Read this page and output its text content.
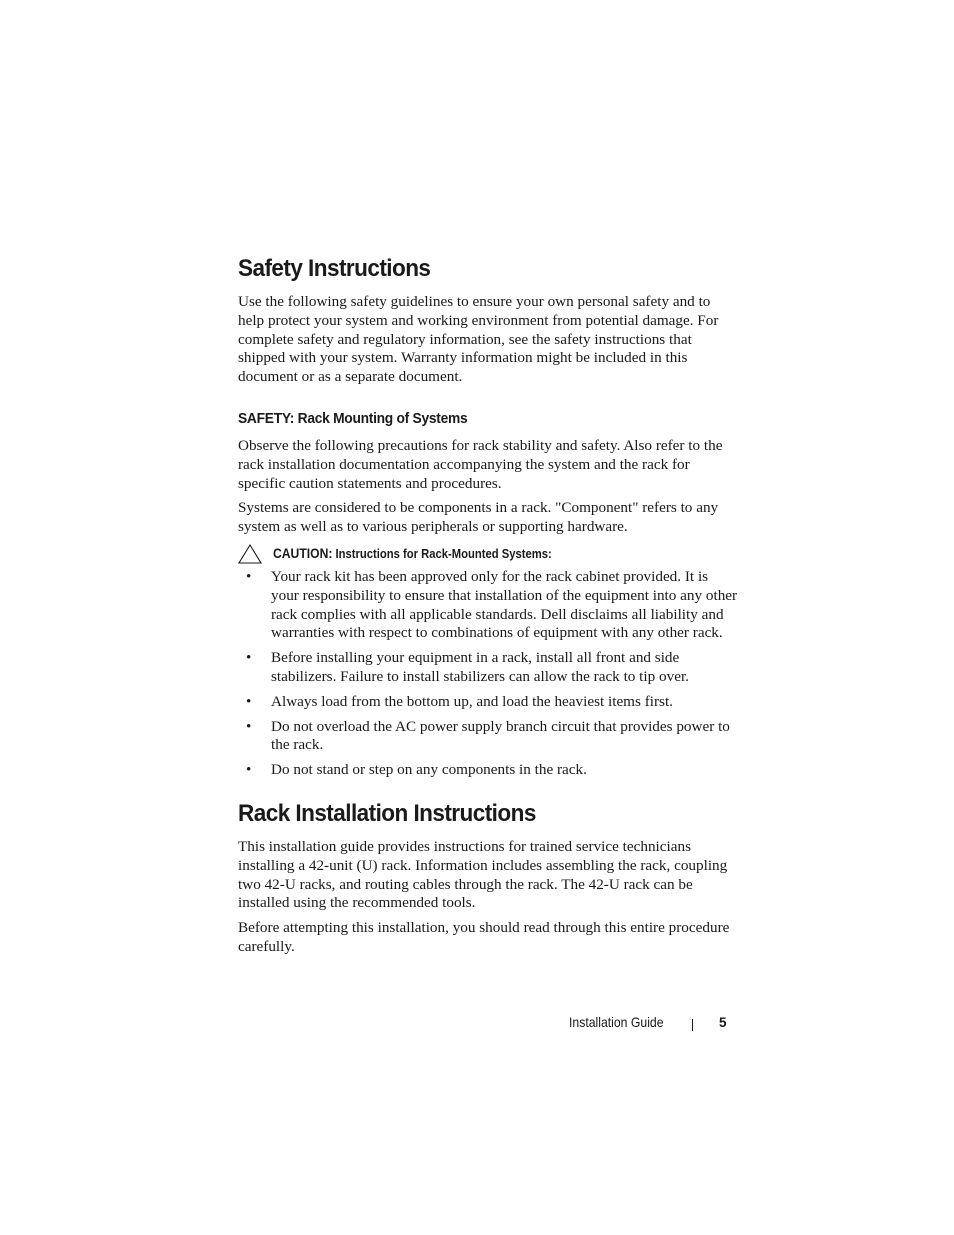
Safety Instructions

Use the following safety guidelines to ensure your own personal safety and to help protect your system and working environment from potential damage. For complete safety and regulatory information, see the safety instructions that shipped with your system. Warranty information might be included in this document or as a separate document.

SAFETY: Rack Mounting of Systems

Observe the following precautions for rack stability and safety. Also refer to the rack installation documentation accompanying the system and the rack for specific caution statements and procedures.

Systems are considered to be components in a rack. "Component" refers to any system as well as to various peripherals or supporting hardware.

CAUTION: Instructions for Rack-Mounted Systems:
• Your rack kit has been approved only for the rack cabinet provided. It is your responsibility to ensure that installation of the equipment into any other rack complies with all applicable standards. Dell disclaims all liability and warranties with respect to combinations of equipment with any other rack.

• Before installing your equipment in a rack, install all front and side stabilizers. Failure to install stabilizers can allow the rack to tip over.

• Always load from the bottom up, and load the heaviest items first.

• Do not overload the AC power supply branch circuit that provides power to the rack.

• Do not stand or step on any components in the rack.

Rack Installation Instructions

This installation guide provides instructions for trained service technicians installing a 42-unit (U) rack. Information includes assembling the rack, coupling two 42-U racks, and routing cables through the rack. The 42-U rack can be installed using the recommended tools.

Before attempting this installation, you should read through this entire procedure carefully.

Installation Guide	5
